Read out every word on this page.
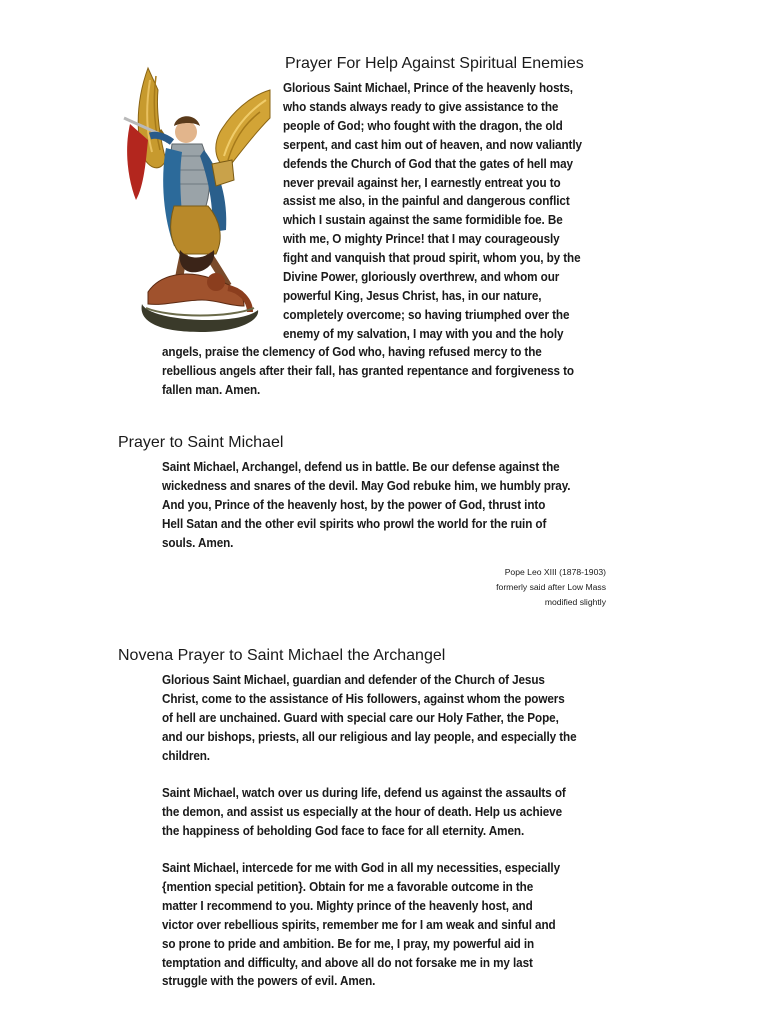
Prayer For Help Against Spiritual Enemies
Glorious Saint Michael, Prince of the heavenly hosts,
who stands always ready to give assistance to the
people of God; who fought with the dragon, the old
serpent, and cast him out of heaven, and now valiantly
defends the Church of God that the gates of hell may
never prevail against her, I earnestly entreat you to
assist me also, in the painful and dangerous conflict
which I sustain against the same formidible foe. Be
with me, O mighty Prince! that I may courageously
fight and vanquish that proud spirit, whom you, by the
Divine Power, gloriously overthrew, and whom our
powerful King, Jesus Christ, has, in our nature,
completely overcome; so having triumphed over the
enemy of my salvation, I may with you and the holy
angels, praise the clemency of God who, having refused mercy to the
rebellious angels after their fall, has granted repentance and forgiveness to
fallen man. Amen.
Prayer to Saint Michael
Saint Michael, Archangel, defend us in battle. Be our defense against the
wickedness and snares of the devil. May God rebuke him, we humbly pray.
And you, Prince of the heavenly host, by the power of God, thrust into
Hell Satan and the other evil spirits who prowl the world for the ruin of
souls. Amen.
Pope Leo XIII (1878-1903)
formerly said after Low Mass
modified slightly
Novena Prayer to Saint Michael the Archangel
Glorious Saint Michael, guardian and defender of the Church of Jesus
Christ, come to the assistance of His followers, against whom the powers
of hell are unchained. Guard with special care our Holy Father, the Pope,
and our bishops, priests, all our religious and lay people, and especially the
children.
Saint Michael, watch over us during life, defend us against the assaults of
the demon, and assist us especially at the hour of death. Help us achieve
the happiness of beholding God face to face for all eternity. Amen.
Saint Michael, intercede for me with God in all my necessities, especially
{mention special petition}. Obtain for me a favorable outcome in the
matter I recommend to you. Mighty prince of the heavenly host, and
victor over rebellious spirits, remember me for I am weak and sinful and
so prone to pride and ambition. Be for me, I pray, my powerful aid in
temptation and difficulty, and above all do not forsake me in my last
struggle with the powers of evil. Amen.
